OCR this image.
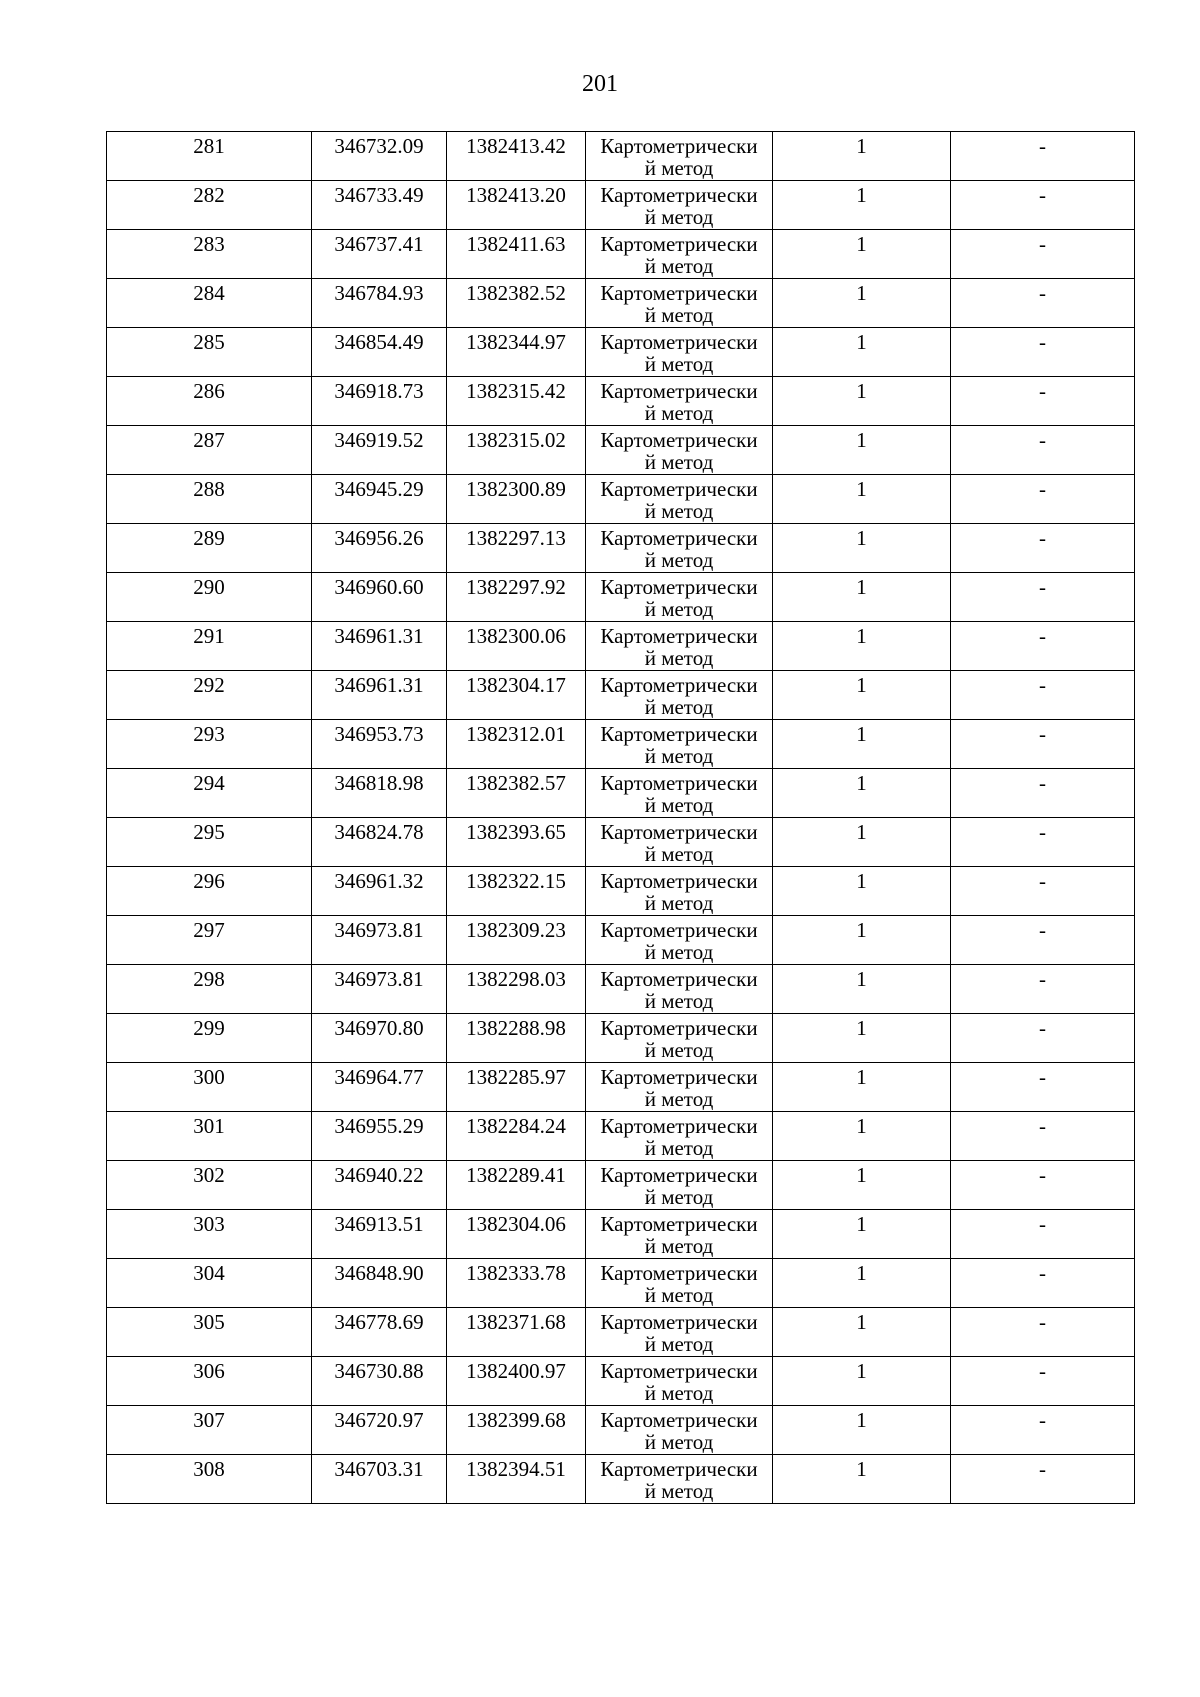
201
281	346732.09	1382413.42	Картометрически
й метод	1	-

282	346733.49	1382413.20	Картометрически
й метод	1	-

283	346737.41	1382411.63	Картометрически
й метод	1	-

284	346784.93	1382382.52	Картометрически
й метод	1	-

285	346854.49	1382344.97	Картометрически
й метод	1	-

286	346918.73	1382315.42	Картометрически
й метод	1	-

287	346919.52	1382315.02	Картометрически
й метод	1	-

288	346945.29	1382300.89	Картометрически
й метод	1	-

289	346956.26	1382297.13	Картометрически
й метод	1	-

290	346960.60	1382297.92	Картометрически
й метод	1	-

291	346961.31	1382300.06	Картометрически
й метод	1	-

292	346961.31	1382304.17	Картометрически
й метод	1	-

293	346953.73	1382312.01	Картометрически
й метод	1	-

294	346818.98	1382382.57	Картометрически
й метод	1	-

295	346824.78	1382393.65	Картометрически
й метод	1	-

296	346961.32	1382322.15	Картометрически
й метод	1	-

297	346973.81	1382309.23	Картометрически
й метод	1	-

298	346973.81	1382298.03	Картометрически
й метод	1	-

299	346970.80	1382288.98	Картометрически
й метод	1	-

300	346964.77	1382285.97	Картометрически
й метод	1	-

301	346955.29	1382284.24	Картометрически
й метод	1	-

302	346940.22	1382289.41	Картометрически
й метод	1	-

303	346913.51	1382304.06	Картометрически
й метод	1	-

304	346848.90	1382333.78	Картометрически
й метод	1	-

305	346778.69	1382371.68	Картометрически
й метод	1	-

306	346730.88	1382400.97	Картометрически
й метод	1	-

307	346720.97	1382399.68	Картометрически
й метод	1	-

308	346703.31	1382394.51	Картометрически
й метод	1	-
